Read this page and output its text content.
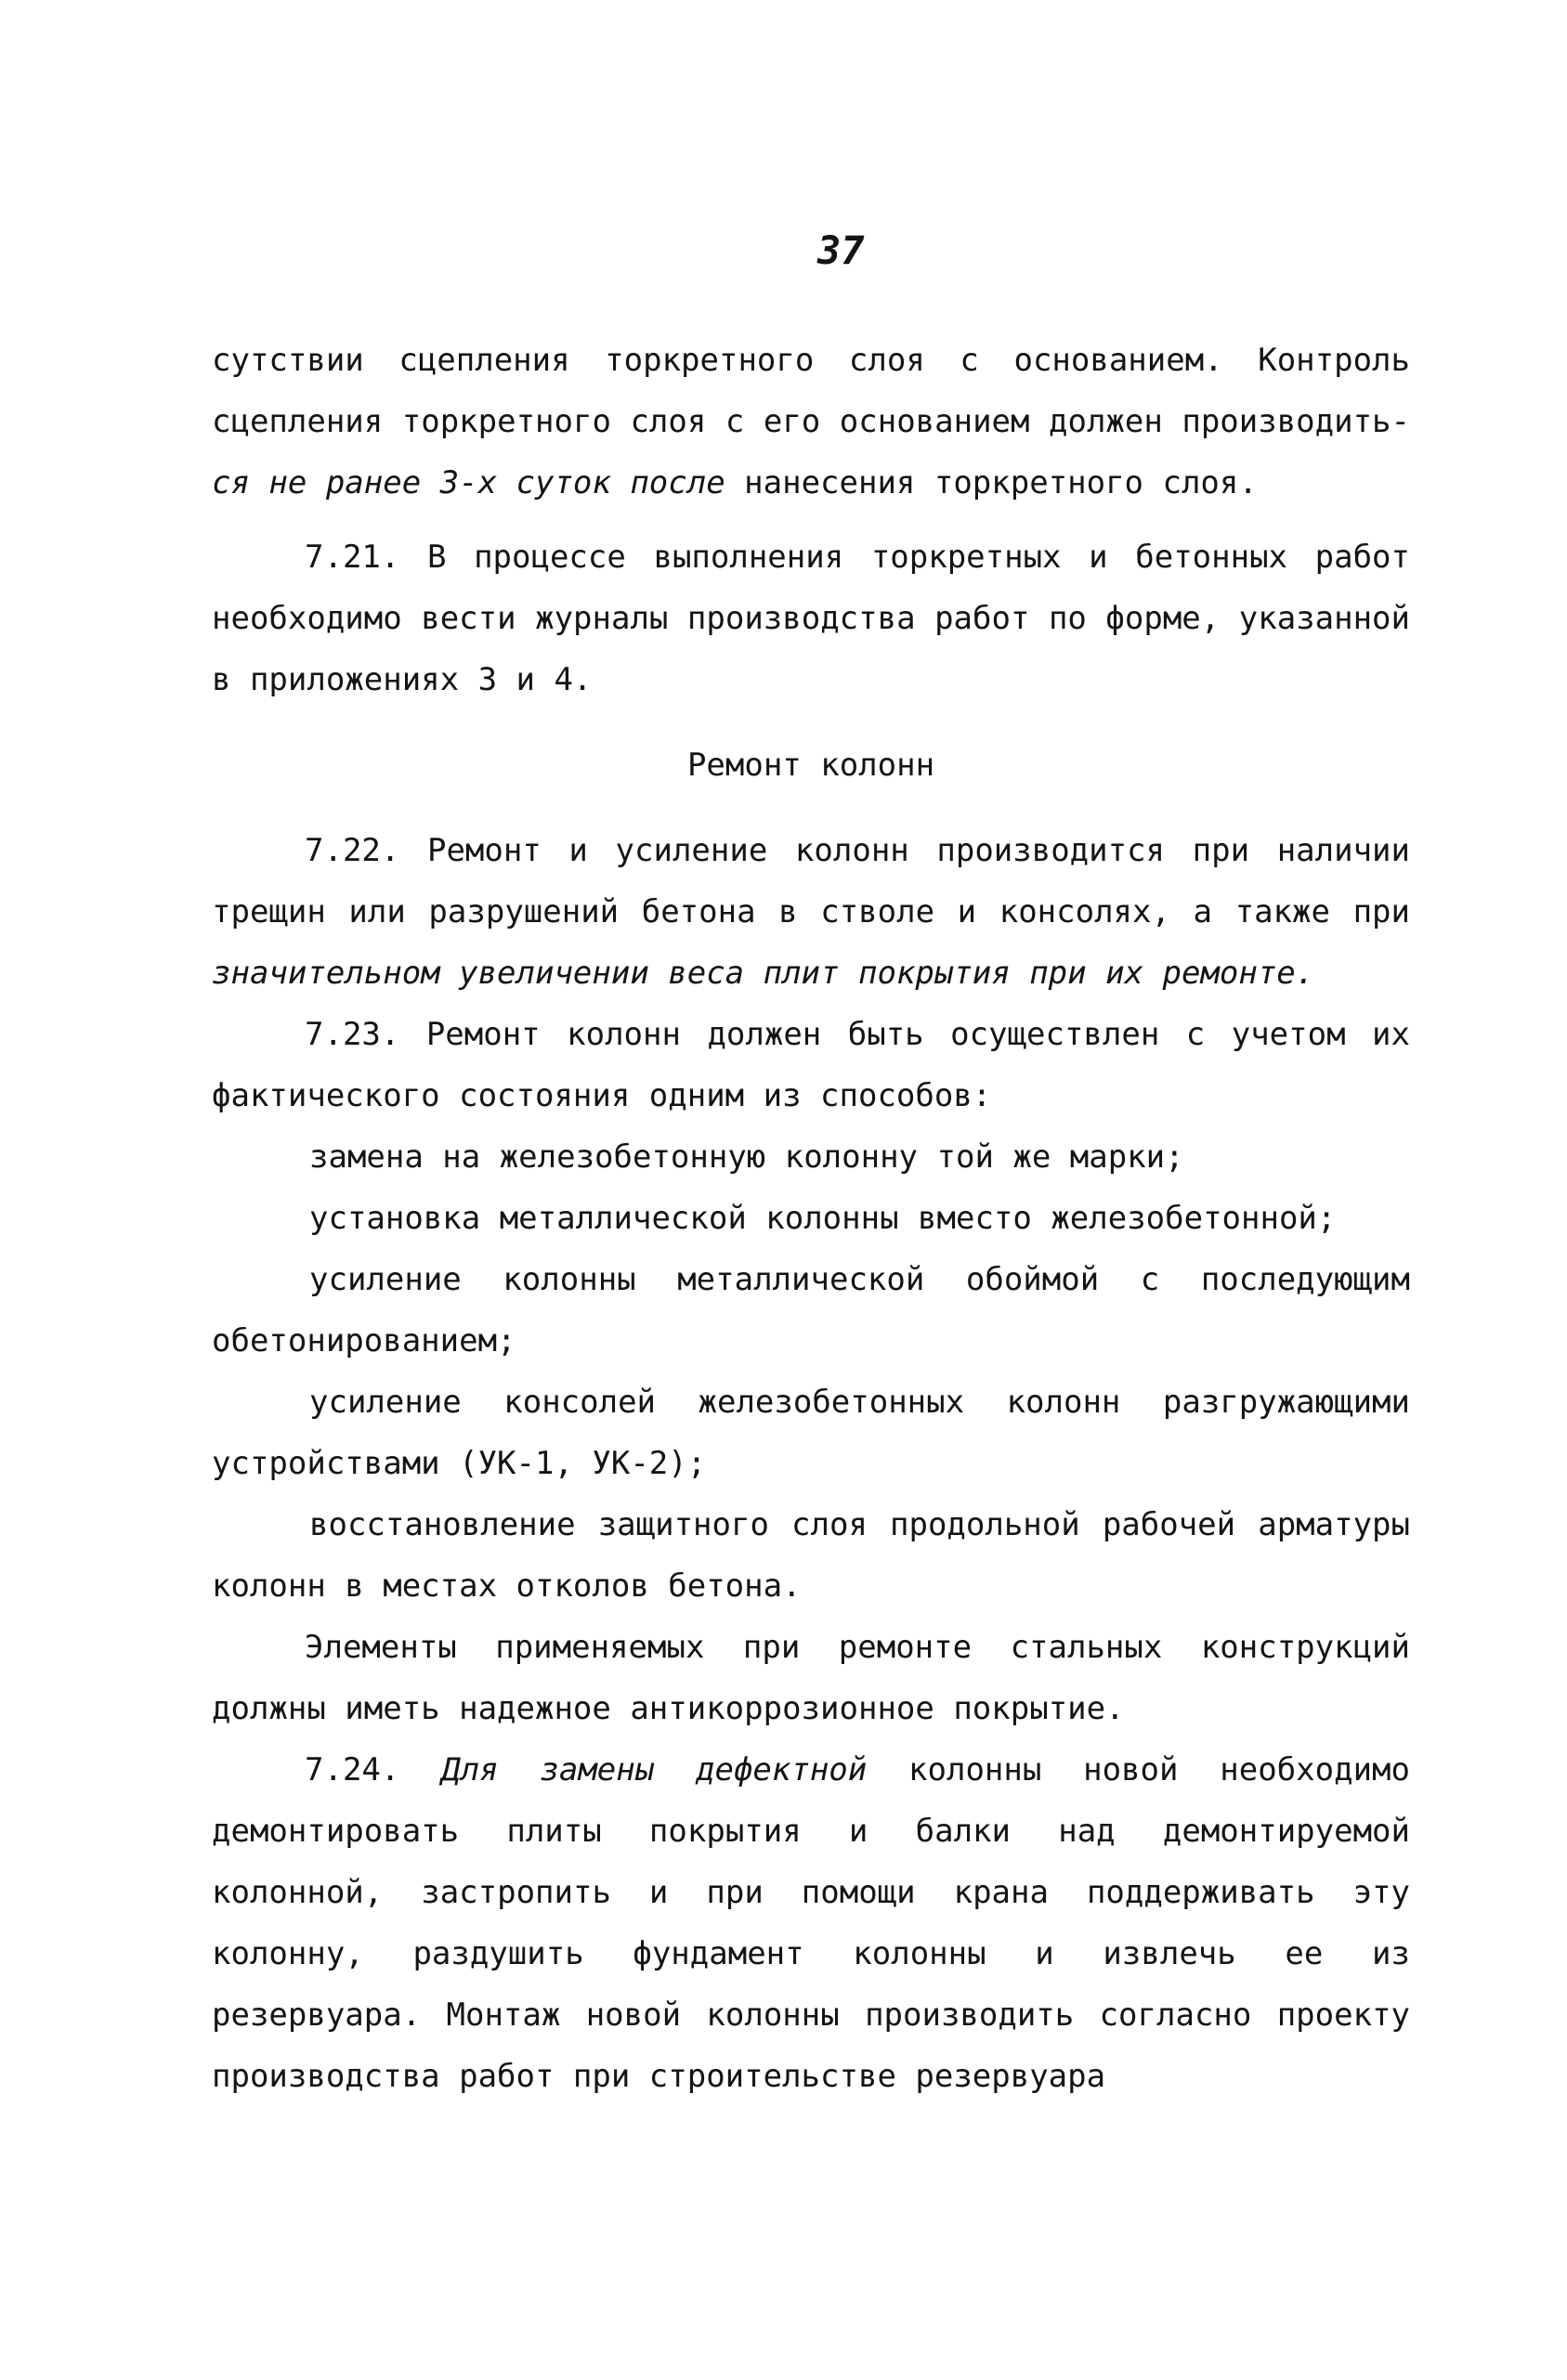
37

сутствии сцепления торкретного слоя с основанием. Контроль сцепления торкретного слоя с его основанием должен производить- ся не ранее 3-х суток после нанесения торкретного слоя.

7.21. В процессе выполнения торкретных и бетонных работ необходимо вести журналы производства работ по форме, указанной в приложениях 3 и 4.

Ремонт колонн

7.22. Ремонт и усиление колонн производится при наличии трещин или разрушений бетона в стволе и консолях, а также при значительном увеличении веса плит покрытия при их ремонте.

7.23. Ремонт колонн должен быть осуществлен с учетом их фактического состояния одним из способов:

замена на железобетонную колонну той же марки;

установка металлической колонны вместо железобетонной;

усиление колонны металлической обоймой с последующим обетонированием;

усиление консолей железобетонных колонн разгружающими устройствами (УК-1, УК-2);

восстановление защитного слоя продольной рабочей арматуры колонн в местах отколов бетона.

Элементы применяемых при ремонте стальных конструкций должны иметь надежное антикоррозионное покрытие.

7.24. Для замены дефектной колонны новой необходимо демонтировать плиты покрытия и балки над демонтируемой колонной, застропить и при помощи крана поддерживать эту колонну, раздушить фундамент колонны и извлечь ее из резервуара. Монтаж новой колонны производить согласно проекту производства работ при строительстве резервуара
